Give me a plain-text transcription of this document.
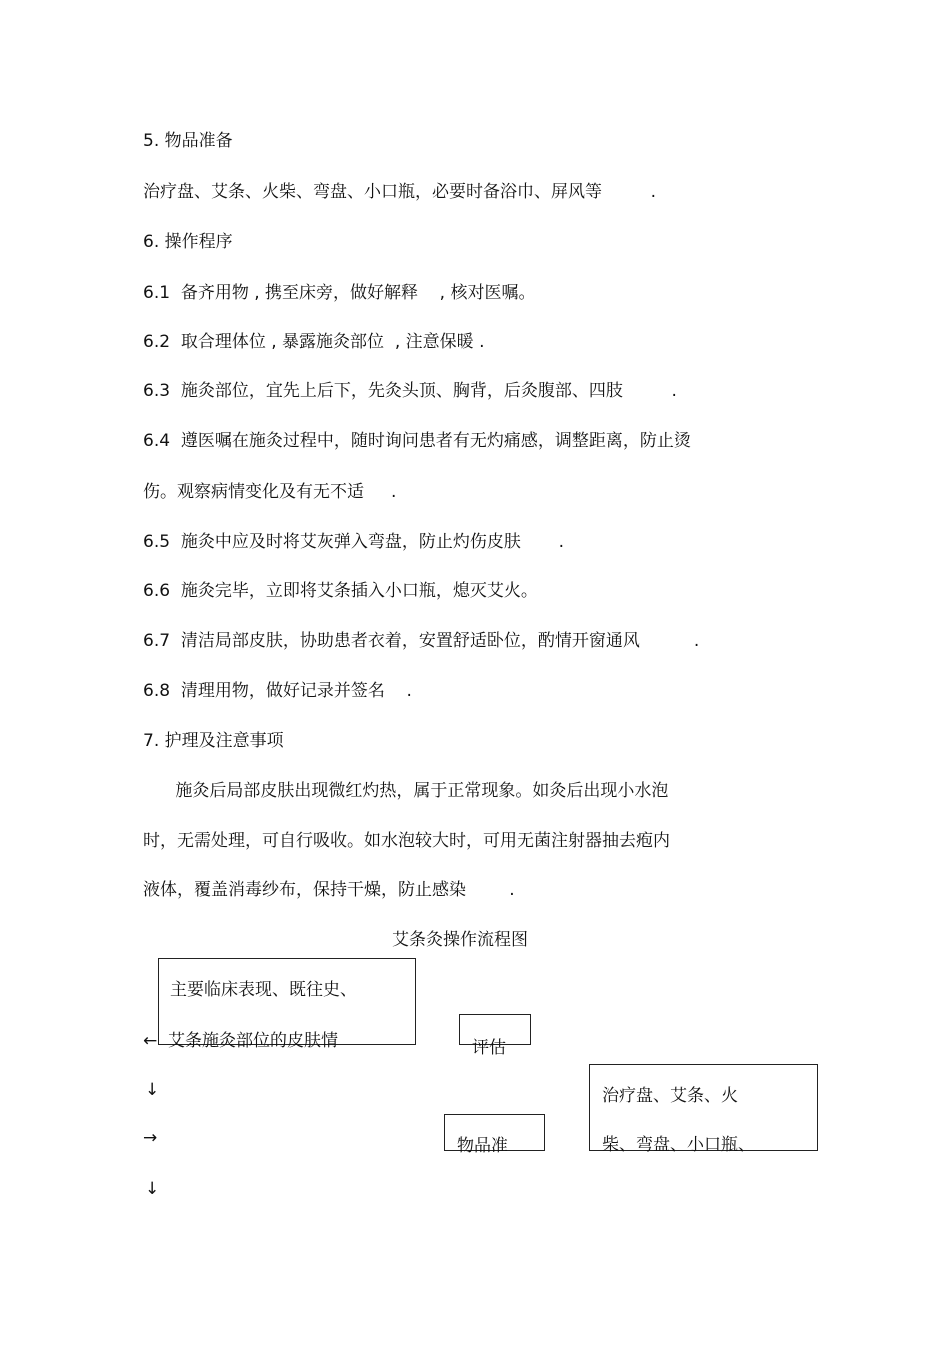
5. 物品准备
治疗盘、艾条、火柴、弯盘、小口瓶，必要时备浴巾、屏风等         .
6. 操作程序
6.1  备齐用物 , 携至床旁，做好解释    , 核对医嘱。
6.2  取合理体位 , 暴露施灸部位  , 注意保暖 .
6.3  施灸部位，宜先上后下，先灸头顶、胸背，后灸腹部、四肢         .
6.4  遵医嘱在施灸过程中，随时询问患者有无灼痛感，调整距离，防止烫
伤。观察病情变化及有无不适     .
6.5  施灸中应及时将艾灰弹入弯盘，防止灼伤皮肤       .
6.6  施灸完毕，立即将艾条插入小口瓶，熄灭艾火。
6.7  清洁局部皮肤，协助患者衣着，安置舒适卧位，酌情开窗通风          .
6.8  清理用物，做好记录并签名    .
7. 护理及注意事项
施灸后局部皮肤出现微红灼热，属于正常现象。如灸后出现小水泡
时，无需处理，可自行吸收。如水泡较大时，可用无菌注射器抽去疱内
液体，覆盖消毒纱布，保持干燥，防止感染        .
艾条灸操作流程图
主要临床表现、既往史、
←  艾条施灸部位的皮肤情	评估
↓
→
↓
物品准
治疗盘、艾条、火
柴、弯盘、小口瓶、
